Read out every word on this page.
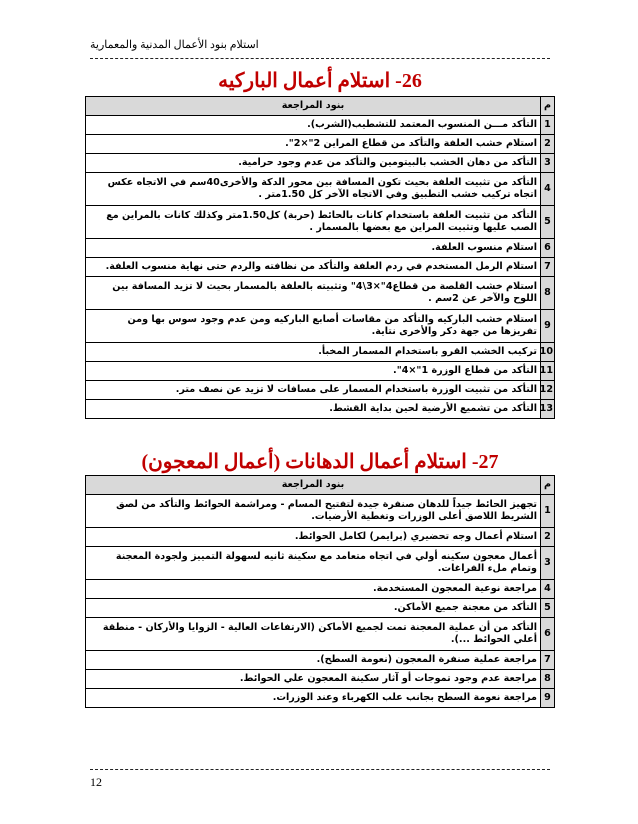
استلام بنود الأعمال المدنية والمعمارية
26- استلام أعمال الباركيه
م	بنود المراجعة
1	التأكد مـــن المنسوب المعتمد للتشطيب(الشرب).
2	استلام خشب العلفة والتأكد من قطاع المراين 2"×2".
3	التأكد من دهان الخشب بالبيتومين والتأكد من عدم وجود حرامية.
4	التأكد من تثبيت العلفة بحيث تكون المسافة بين محور الدكة والأخرى40سم في الاتجاه عكس اتجاه تركيب خشب التطبيق وفي الاتجاه الآخر كل 1.50متر .
5	التأكد من تثبيت العلفة باستخدام كانات بالحائط (حربة) كل1.50متر وكذلك كانات بالمراين مع الصب عليها وتثبيت المراين مع بعضها بالمسمار .
6	استلام منسوب العلفة.
7	استلام الرمل المستخدم في ردم العلفة والتأكد من نظافته والردم حتى نهاية منسوب العلفة.
8	استلام خشب القلصة من قطاع4"×3\4" وتثبيته بالعلفة بالمسمار بحيث لا تزيد المسافة بين اللوح والآخر عن 2سم .
9	استلام خشب الباركيه والتأكد من مقاسات أصابع الباركيه ومن عدم وجود سوس بها ومن تفريزها من جهة دكر والأخرى نتاية.
10	تركيب الخشب القرو باستخدام المسمار المخبأ.
11	التأكد من قطاع الوزرة 1"×4".
12	التأكد من تثبيت الوزرة باستخدام المسمار على مسافات لا تزيد عن نصف متر.
13	التأكد من تشميع الأرضية لحين بداية القشط.
27- استلام أعمال الدهانات (أعمال المعجون)
م	بنود المراجعة
1	تجهيز الحائط جيداً للدهان صنفرة جيدة لتفتيح المسام - ومراشمة الحوائط والتأكد من لصق الشريط اللاصق أعلى الوزرات وتغطية الأرضيات.
2	استلام أعمال وجه تحضيري (برايمر) لكامل الحوائط.
3	أعمال معجون سكينه أولي في اتجاه متعامد مع سكينة ثانيه لسهولة التمييز ولجودة المعجنة وتمام ملء الفراغات.
4	مراجعة نوعية المعجون المستخدمة.
5	التأكد من معجنة جميع الأماكن.
6	التأكد من أن عملية المعجنة تمت لجميع الأماكن (الارتفاعات العالية - الزوايا والأركان - منطقة أعلي الحوائط ...).
7	مراجعة عملية صنفرة المعجون (نعومة السطح).
8	مراجعة عدم وجود تموجات أو آثار سكينة المعجون علي الحوائط.
9	مراجعة نعومة السطح بجانب علب الكهرباء وعند الوزرات.
12
